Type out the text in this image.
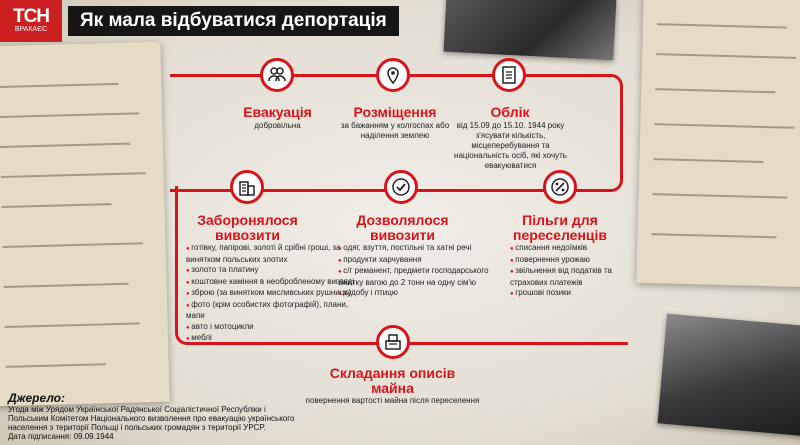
ТСН
ВРАКАЄС	Як мала відбуватися депортація
Евакуація
добровільна
Розміщення
за бажанням у колгоспах або наділення землею
Облік
від 15.09 до 15.10. 1944 року з'ясувати кількість, місцеперебування та національність осіб, які хочуть евакуюватися
Заборонялося вивозити
● готівку, папірові, золоті й срібні гроші, за винятком польських злотих
● золото та платину
● коштовне каміння в необробленому вигляді
● зброю (за винятком мисливських рушниць)
● фото (крім особистих фотографій), плани, мапи
● авто і мотоцикли
● меблі
Дозволялося вивозити
● одяг, взуття, постільні та хатні речі
● продукти харчування
● с/г реманент, предмети господарського вжитку вагою до 2 тонн на одну сім'ю
● худобу і птицю
Пільги для переселенців
● списання недоїмків
● повернення урожаю
● звільнення від податків та страхових платежів
● грошові позики
Складання описів майна
повернення вартості майна після переселення
Джерело:
Угода між Урядом Української Радянської Соціалістичної Республіки і Польським Комітетом Національного визволення про евакуацію українського населення з території Польщі і польських громадян з території УРСР.
Дата підписання: 09.09.1944
